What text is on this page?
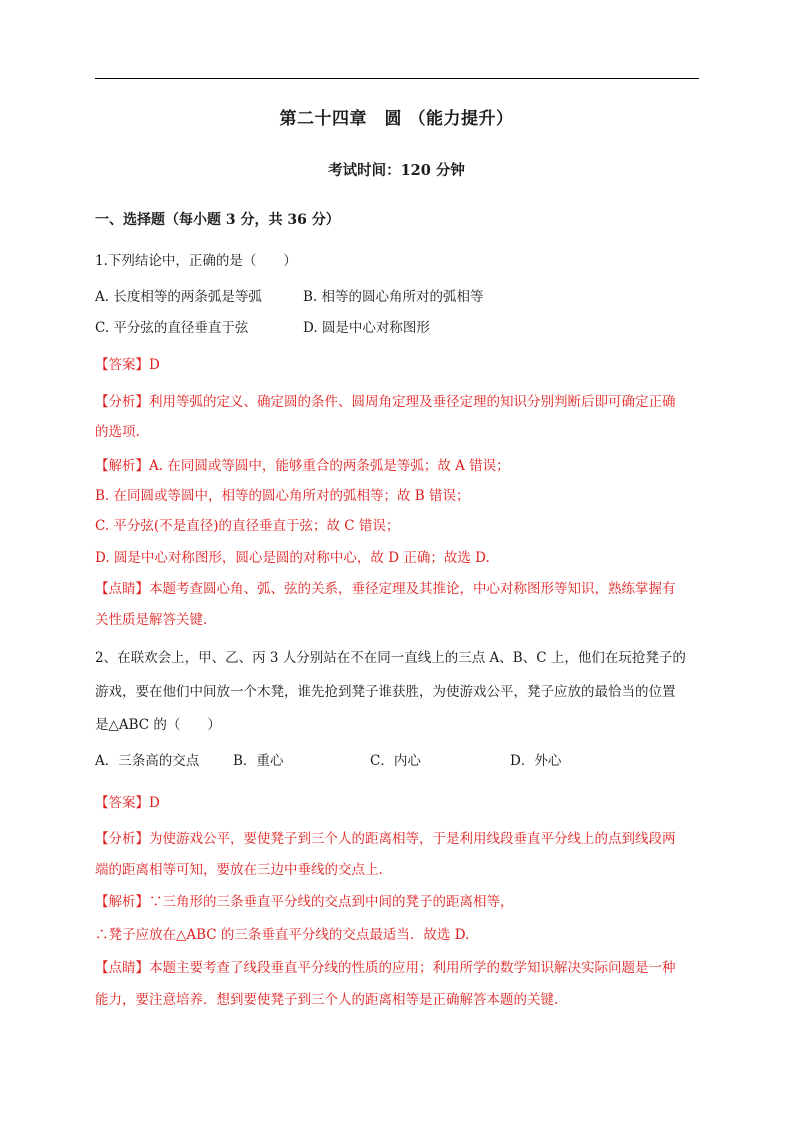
第二十四章　圆 （能力提升）
考试时间：120 分钟
一、选择题（每小题 3 分，共 36 分）
1.下列结论中，正确的是（　　）
A. 长度相等的两条弧是等弧	B. 相等的圆心角所对的弧相等
C. 平分弦的直径垂直于弦	D. 圆是中心对称图形
【答案】D
【分析】利用等弧的定义、确定圆的条件、圆周角定理及垂径定理的知识分别判断后即可确定正确
的选项.
【解析】A. 在同圆或等圆中，能够重合的两条弧是等弧；故 A 错误；
B. 在同圆或等圆中，相等的圆心角所对的弧相等；故 B 错误；
C. 平分弦(不是直径)的直径垂直于弦；故 C 错误；
D. 圆是中心对称图形，圆心是圆的对称中心，故 D 正确；故选 D.
【点睛】本题考查圆心角、弧、弦的关系，垂径定理及其推论，中心对称图形等知识，熟练掌握有
关性质是解答关键.
2、在联欢会上，甲、乙、丙 3 人分别站在不在同一直线上的三点 A、B、C 上，他们在玩抢凳子的
游戏，要在他们中间放一个木凳，谁先抢到凳子谁获胜，为使游戏公平，凳子应放的最恰当的位置
是△ABC 的（　　）
A．三条高的交点	B．重心	C．内心	D．外心
【答案】D
【分析】为使游戏公平，要使凳子到三个人的距离相等，于是利用线段垂直平分线上的点到线段两
端的距离相等可知，要放在三边中垂线的交点上.
【解析】∵三角形的三条垂直平分线的交点到中间的凳子的距离相等，
∴凳子应放在△ABC 的三条垂直平分线的交点最适当．故选 D.
【点睛】本题主要考查了线段垂直平分线的性质的应用；利用所学的数学知识解决实际问题是一种
能力，要注意培养．想到要使凳子到三个人的距离相等是正确解答本题的关键.
